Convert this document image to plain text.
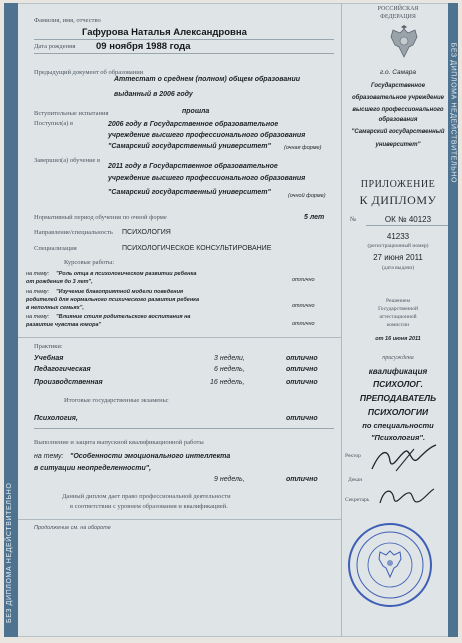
БЕЗ ДИПЛОМА НЕДЕЙСТВИТЕЛЬНО
БЕЗ ДИПЛОМА НЕДЕЙСТВИТЕЛЬНО
Фамилия, имя, отчество
Гафурова Наталья Александровна
Дата рождения 09 ноября 1988 года
Предыдущий документ об образовании
Аттестат о среднем (полном) общем образовании
выданный в 2006 году
Вступительные испытания	прошла
Поступил(а) в	2006 году в Государственное образовательное
учреждение высшего профессионального образования
"Самарский государственный университет" (очная форме)
Завершил(а) обучение в
2011 году в Государственное образовательное
учреждение высшего профессионального образования
"Самарский государственный университет"	(очной форме)
Нормативный период обучения по очной форме	5 лет
Направление/специальность ПСИХОЛОГИЯ
Специализация	ПСИХОЛОГИЧЕСКОЕ КОНСУЛЬТИРОВАНИЕ
Курсовые работы:
на тему: "Роль отца в психологическом развитии ребенка
от рождения до 3 лет",	отлично
на тему: "Изучение благоприятной модели поведения
родителей для нормального психического развития ребенка
в неполных семьях",	отлично
на тему: "Влияние стиля родительского воспитания на
развитие чувства юмора"	отлично
Практики:
Учебная	3 недели,	отлично
Педагогическая	6 недель,	отлично
Производственная	16 недель,	отлично
Итоговые государственные экзамены:
Психология,	отлично
Выполнение и защита выпускной квалификационной работы
на тему: "Особенности эмоционального интеллекта
в ситуации неопределенности",
9 недель,	отлично
Данный диплом дает право профессиональной деятельности
в соответствии с уровнем образования и квалификацией.
Продолжение см. на обороте
РОССИЙСКАЯ
ФЕДЕРАЦИЯ
г.о. Самара
Государственное
образовательное учреждение
высшего профессионального
образования
"Самарский государственный
университет"
ПРИЛОЖЕНИЕ
К ДИПЛОМУ
№	ОК № 40123
41233
(регистрационный номер)
27 июня 2011
(дата выдачи)
Решением
Государственной
аттестационной
комиссии
от 16 июня 2011
присуждена
квалификация
ПСИХОЛОГ.
ПРЕПОДАВАТЕЛЬ
ПСИХОЛОГИИ
по специальности
"Психология".
Ректор
Декан
Секретарь
